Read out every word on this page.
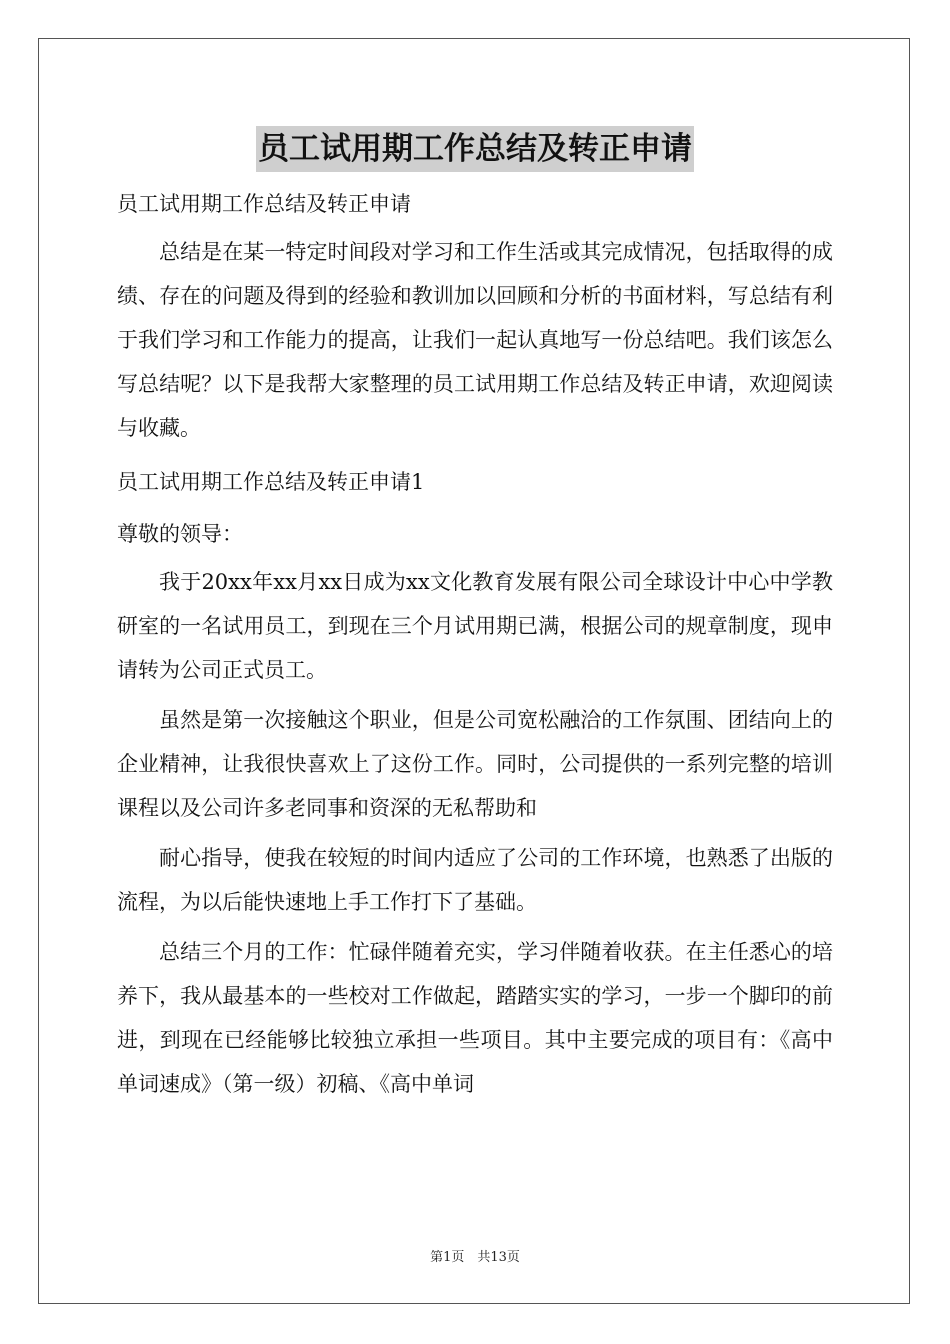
员工试用期工作总结及转正申请

员工试用期工作总结及转正申请

总结是在某一特定时间段对学习和工作生活或其完成情况，包括取得的成绩、存在的问题及得到的经验和教训加以回顾和分析的书面材料，写总结有利于我们学习和工作能力的提高，让我们一起认真地写一份总结吧。我们该怎么写总结呢？以下是我帮大家整理的员工试用期工作总结及转正申请，欢迎阅读与收藏。

员工试用期工作总结及转正申请1

尊敬的领导：

我于20xx年xx月xx日成为xx文化教育发展有限公司全球设计中心中学教研室的一名试用员工，到现在三个月试用期已满，根据公司的规章制度，现申请转为公司正式员工。

虽然是第一次接触这个职业，但是公司宽松融洽的工作氛围、团结向上的企业精神，让我很快喜欢上了这份工作。同时，公司提供的一系列完整的培训课程以及公司许多老同事和资深的无私帮助和

耐心指导，使我在较短的时间内适应了公司的工作环境，也熟悉了出版的流程，为以后能快速地上手工作打下了基础。

总结三个月的工作：忙碌伴随着充实，学习伴随着收获。在主任悉心的培养下，我从最基本的一些校对工作做起，踏踏实实的学习，一步一个脚印的前进，到现在已经能够比较独立承担一些项目。其中主要完成的项目有：《高中单词速成》（第一级）初稿、《高中单词

第1页　共13页
